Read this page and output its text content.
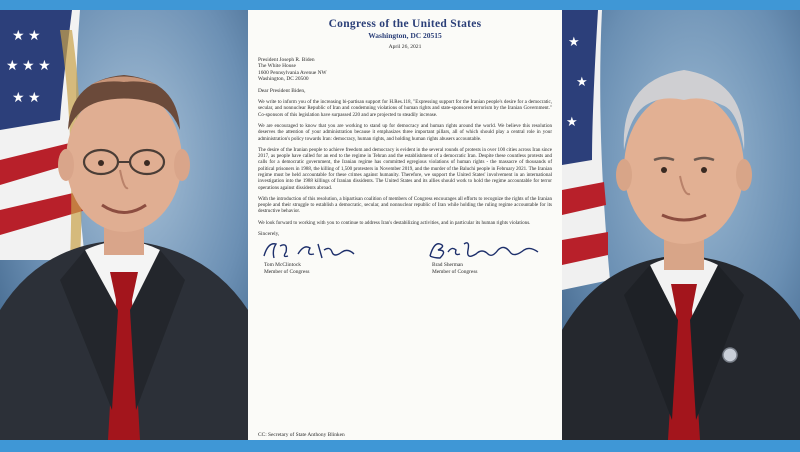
★ ★
★ ★ ★
★ ★
Congress of the United States
Washington, DC 20515
April 26, 2021
President Joseph R. Biden
The White House
1600 Pennsylvania Avenue NW
Washington, DC 20500
Dear President Biden,
We write to inform you of the increasing bi-partisan support for H.Res.118, "Expressing support for the Iranian people's desire for a democratic, secular, and nonnuclear Republic of Iran and condemning violations of human rights and state-sponsored terrorism by the Iranian Government." Co-sponsors of this legislation have surpassed 220 and are projected to steadily increase.
We are encouraged to know that you are working to stand up for democracy and human rights around the world. We believe this resolution deserves the attention of your administration because it emphasizes three important pillars, all of which should play a central role in your administration's policy towards Iran: democracy, human rights, and holding human rights abusers accountable.
The desire of the Iranian people to achieve freedom and democracy is evident in the several rounds of protests in over 100 cities across Iran since 2017, as people have called for an end to the regime in Tehran and the establishment of a democratic Iran. Despite these countless protests and calls for a democratic government, the Iranian regime has committed egregious violations of human rights - the massacre of thousands of political prisoners in 1988, the killing of 1,500 protesters in November 2019, and the murder of the Baluchi people in February 2021. The Iranian regime must be held accountable for these crimes against humanity. Therefore, we support the United States' involvement in an international investigation into the 1988 killings of Iranian dissidents. The United States and its allies should work to hold the regime accountable for terror operations against dissidents abroad.
With the introduction of this resolution, a bipartisan coalition of members of Congress encourages all efforts to recognize the rights of the Iranian people and their struggle to establish a democratic, secular, and nonnuclear republic of Iran while holding the ruling regime accountable for its destructive behavior.
We look forward to working with you to continue to address Iran's destabilizing activities, and in particular its human rights violations.
Sincerely,
Tom McClintock
Member of Congress
Brad Sherman
Member of Congress
CC: Secretary of State Anthony Blinken
★
★
★
